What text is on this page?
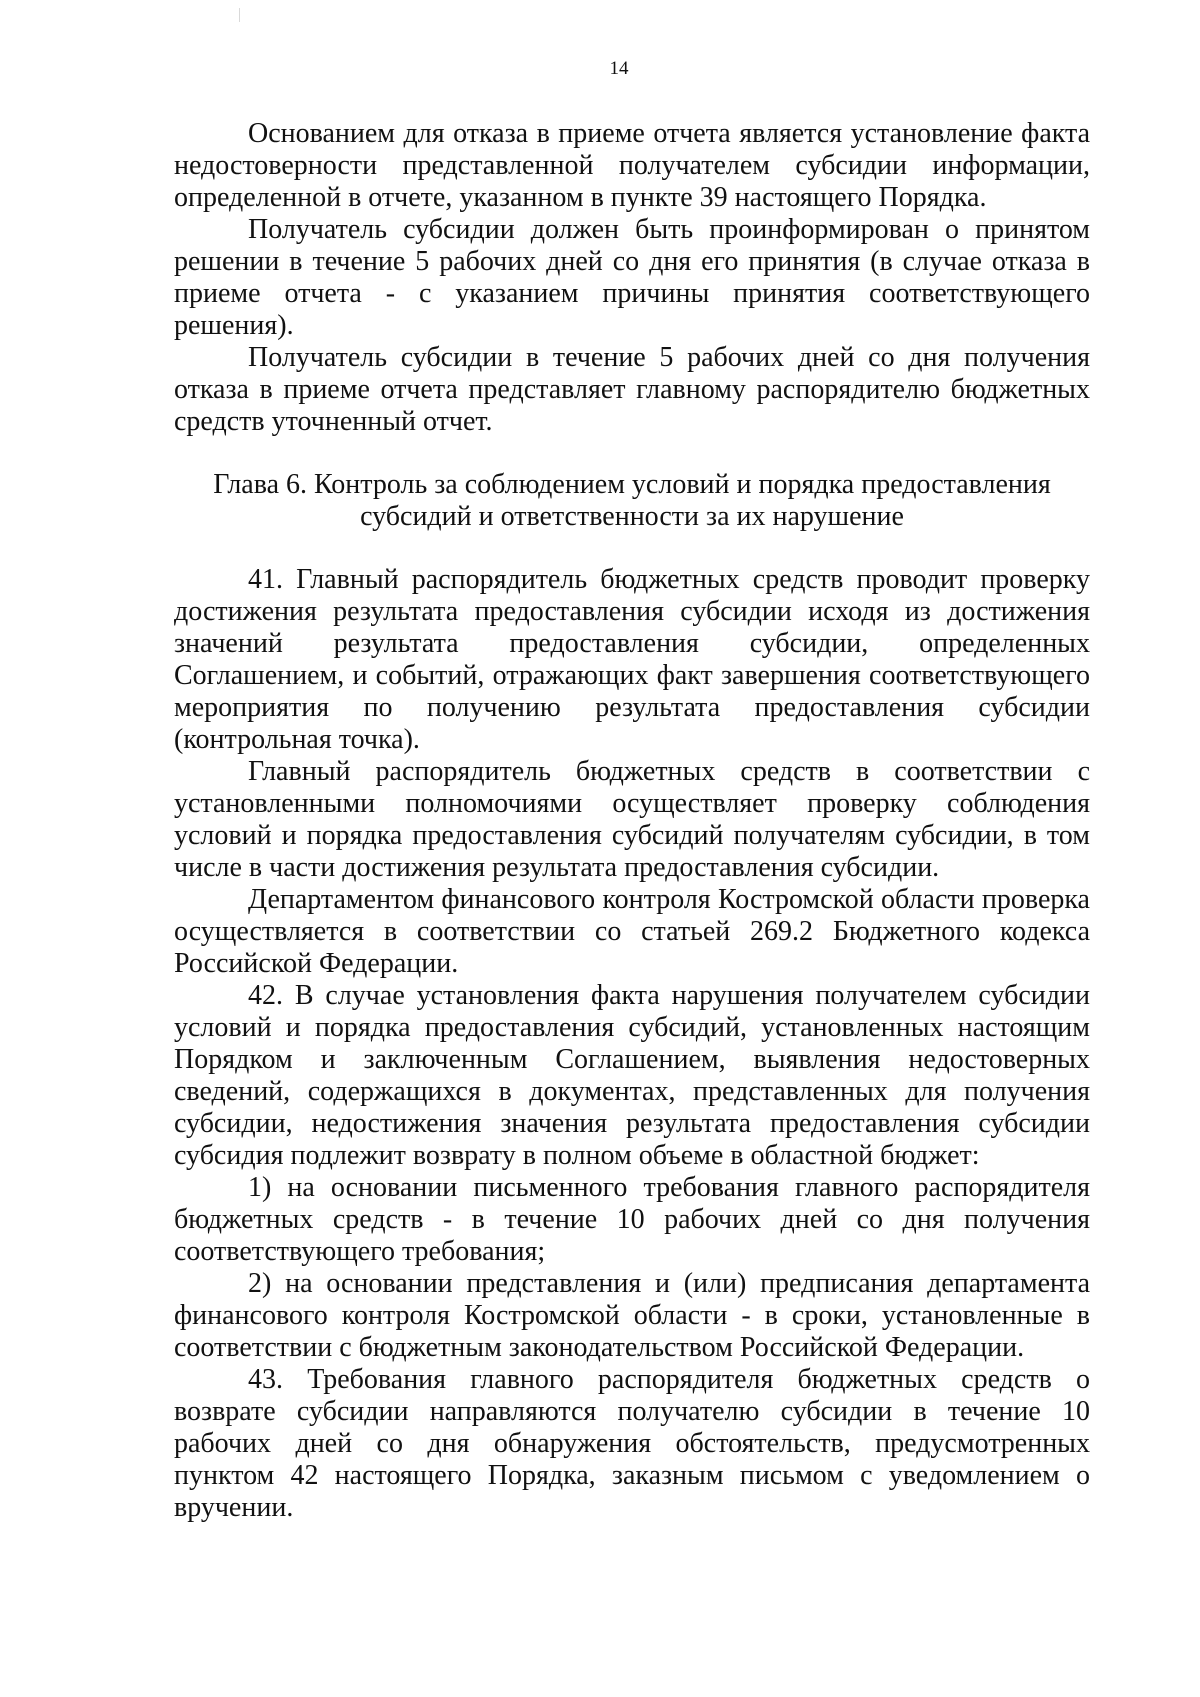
14

Основанием для отказа в приеме отчета является установление факта недостоверности представленной получателем субсидии информации, определенной в отчете, указанном в пункте 39 настоящего Порядка.

Получатель субсидии должен быть проинформирован о принятом решении в течение 5 рабочих дней со дня его принятия (в случае отказа в приеме отчета - с указанием причины принятия соответствующего решения).

Получатель субсидии в течение 5 рабочих дней со дня получения отказа в приеме отчета представляет главному распорядителю бюджетных средств уточненный отчет.

Глава 6. Контроль за соблюдением условий и порядка предоставления
субсидий и ответственности за их нарушение

41. Главный распорядитель бюджетных средств проводит проверку достижения результата предоставления субсидии исходя из достижения значений результата предоставления субсидии, определенных Соглашением, и событий, отражающих факт завершения соответствующего мероприятия по получению результата предоставления субсидии (контрольная точка).

Главный распорядитель бюджетных средств в соответствии с установленными полномочиями осуществляет проверку соблюдения условий и порядка предоставления субсидий получателям субсидии, в том числе в части достижения результата предоставления субсидии.

Департаментом финансового контроля Костромской области проверка осуществляется в соответствии со статьей 269.2 Бюджетного кодекса Российской Федерации.

42. В случае установления факта нарушения получателем субсидии условий и порядка предоставления субсидий, установленных настоящим Порядком и заключенным Соглашением, выявления недостоверных сведений, содержащихся в документах, представленных для получения субсидии, недостижения значения результата предоставления субсидии субсидия подлежит возврату в полном объеме в областной бюджет:

1) на основании письменного требования главного распорядителя бюджетных средств - в течение 10 рабочих дней со дня получения соответствующего требования;

2) на основании представления и (или) предписания департамента финансового контроля Костромской области - в сроки, установленные в соответствии с бюджетным законодательством Российской Федерации.

43. Требования главного распорядителя бюджетных средств о возврате субсидии направляются получателю субсидии в течение 10 рабочих дней со дня обнаружения обстоятельств, предусмотренных пунктом 42 настоящего Порядка, заказным письмом с уведомлением о вручении.
